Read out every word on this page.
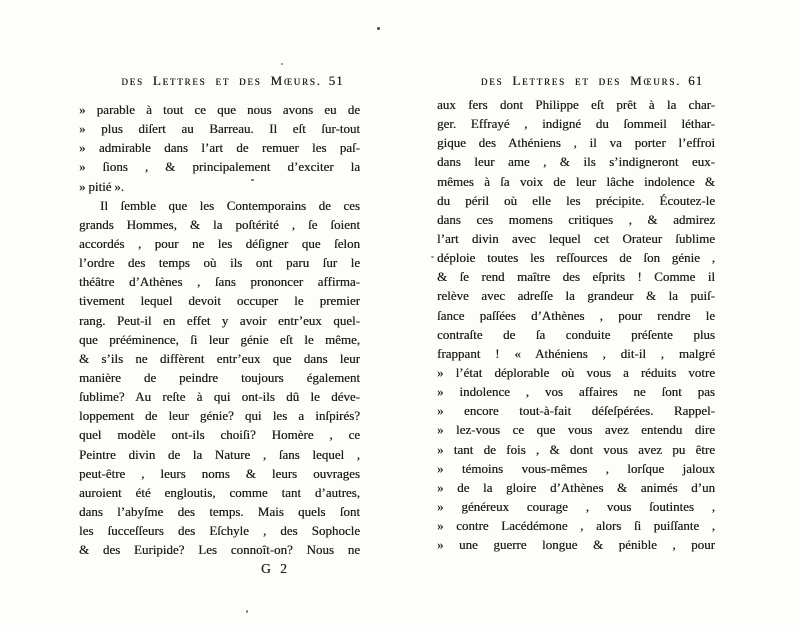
des Lettres et des Mœurs. 51
» parable à tout ce que nous avons eu de
» plus diſert au Barreau. Il eſt ſur-tout
» admirable dans l’art de remuer les paſ-
» ſions , & principalement d’exciter la
» pitié ».
Il ſemble que les Contemporains de ces
grands Hommes, & la poſtérité , ſe ſoient
accordés , pour ne les déſigner que ſelon
l’ordre des temps où ils ont paru ſur le
théâtre d’Athènes , ſans prononcer affirma-
tivement lequel devoit occuper le premier
rang. Peut-il en effet y avoir entr’eux quel-
que prééminence, ſi leur génie eſt le même,
& s’ils ne diffèrent entr’eux que dans leur
manière de peindre toujours également
ſublime? Au reſte à qui ont-ils dû le déve-
loppement de leur génie? qui les a inſpirés?
quel modèle ont-ils choiſi? Homère , ce
Peintre divin de la Nature , ſans lequel ,
peut-être , leurs noms & leurs ouvrages
auroient été engloutis, comme tant d’autres,
dans l’abyſme des temps. Mais quels ſont
les ſucceſſeurs des Eſchyle , des Sophocle
& des Euripide? Les connoît-on? Nous ne
G 2
des Lettres et des Mœurs. 61
aux fers dont Philippe eſt prêt à la char-
ger. Effrayé , indigné du ſommeil léthar-
gique des Athéniens , il va porter l’effroi
dans leur ame , & ils s’indigneront eux-
mêmes à ſa voix de leur lâche indolence &
du péril où elle les précipite. Écoutez-le
dans ces momens critiques , & admirez
l’art divin avec lequel cet Orateur ſublime
déploie toutes les reſſources de ſon génie ,
& ſe rend maître des eſprits ! Comme il
relève avec adreſſe la grandeur & la puiſ-
ſance paſſées d’Athènes , pour rendre le
contraſte de ſa conduite préſente plus
frappant ! « Athéniens , dit-il , malgré
» l’état déplorable où vous a réduits votre
» indolence , vos affaires ne ſont pas
» encore tout-à-fait déſeſpérées. Rappel-
» lez-vous ce que vous avez entendu dire
» tant de fois , & dont vous avez pu être
» témoins vous-mêmes , lorſque jaloux
» de la gloire d’Athènes & animés d’un
» généreux courage , vous ſoutintes ,
» contre Lacédémone , alors ſi puiſſante ,
» une guerre longue & pénible , pour
